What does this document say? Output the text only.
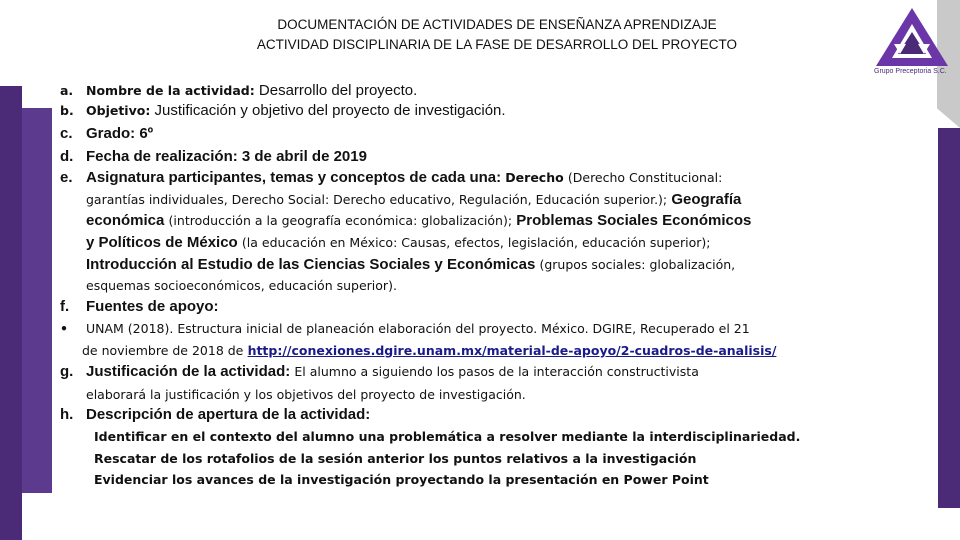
DOCUMENTACIÓN DE ACTIVIDADES DE ENSEÑANZA APRENDIZAJE
ACTIVIDAD DISCIPLINARIA DE LA FASE DE DESARROLLO DEL PROYECTO
a. Nombre de la actividad: Desarrollo del proyecto.
b. Objetivo: Justificación y objetivo del proyecto de investigación.
c. Grado: 6º
d. Fecha de realización: 3 de abril de 2019
e. Asignatura participantes, temas y conceptos de cada una: Derecho (Derecho Constitucional:
garantías individuales, Derecho Social: Derecho educativo, Regulación, Educación superior.); Geografía
económica (introducción a la geografía económica: globalización); Problemas Sociales Económicos
y Políticos de México (la educación en México: Causas, efectos, legislación, educación superior);
Introducción al Estudio de las Ciencias Sociales y Económicas (grupos sociales: globalización,
esquemas socioeconómicos, educación superior).
f. Fuentes de apoyo:
• UNAM (2018). Estructura inicial de planeación elaboración del proyecto. México. DGIRE, Recuperado el 21
de noviembre de 2018 de http://conexiones.dgire.unam.mx/material-de-apoyo/2-cuadros-de-analisis/
g. Justificación de la actividad: El alumno a siguiendo los pasos de la interacción constructivista
elaborará la justificación y los objetivos del proyecto de investigación.
h. Descripción de apertura de la actividad:
Identificar en el contexto del alumno una problemática a resolver mediante la interdisciplinariedad.
Rescatar de los rotafolios de la sesión anterior los puntos relativos a la investigación
Evidenciar los avances de la investigación proyectando la presentación en Power Point
Grupo Preceptoria S.C.
